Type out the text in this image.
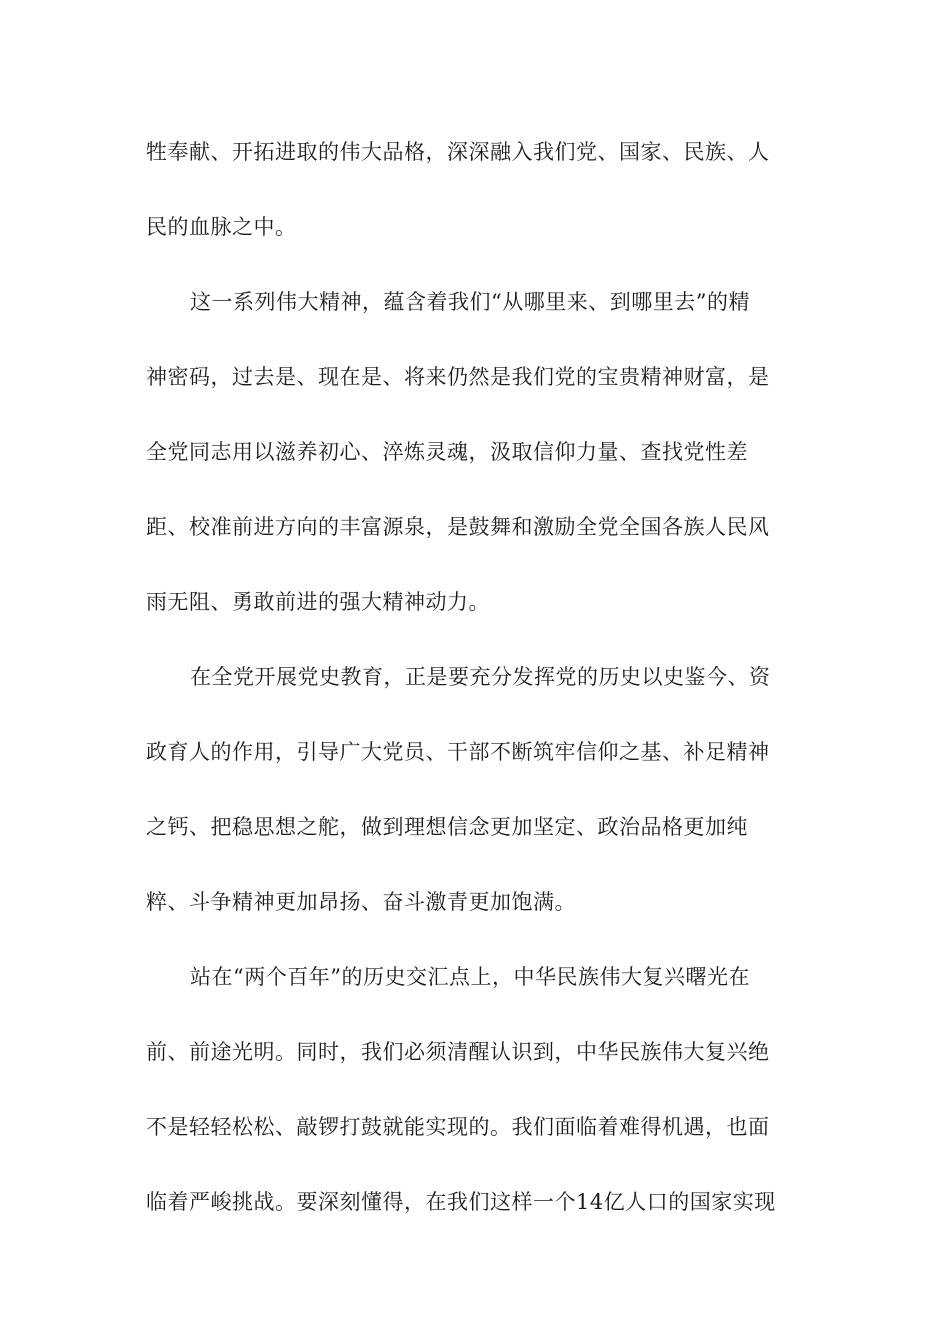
牲奉献、开拓进取的伟大品格，深深融入我们党、国家、民族、人
民的血脉之中。
这一系列伟大精神，蕴含着我们“从哪里来、到哪里去”的精
神密码，过去是、现在是、将来仍然是我们党的宝贵精神财富，是
全党同志用以滋养初心、淬炼灵魂，汲取信仰力量、查找党性差
距、校准前进方向的丰富源泉，是鼓舞和激励全党全国各族人民风
雨无阻、勇敢前进的强大精神动力。
在全党开展党史教育，正是要充分发挥党的历史以史鉴今、资
政育人的作用，引导广大党员、干部不断筑牢信仰之基、补足精神
之钙、把稳思想之舵，做到理想信念更加坚定、政治品格更加纯
粹、斗争精神更加昂扬、奋斗激青更加饱满。
站在“两个百年”的历史交汇点上，中华民族伟大复兴曙光在
前、前途光明。同时，我们必须清醒认识到，中华民族伟大复兴绝
不是轻轻松松、敲锣打鼓就能实现的。我们面临着难得机遇，也面
临着严峻挑战。要深刻懂得，在我们这样一个14亿人口的国家实现
